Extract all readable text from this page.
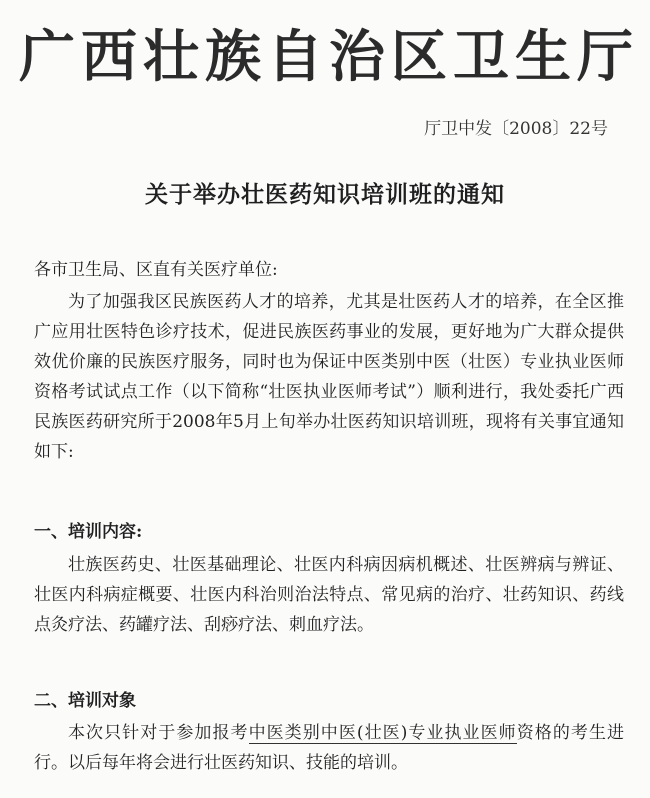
广西壮族自治区卫生厅
厅卫中发〔2008〕22号
关于举办壮医药知识培训班的通知
各市卫生局、区直有关医疗单位:

为了加强我区民族医药人才的培养，尤其是壮医药人才的培养，在全区推广应用壮医特色诊疗技术，促进民族医药事业的发展，更好地为广大群众提供效优价廉的民族医疗服务，同时也为保证中医类别中医（壮医）专业执业医师资格考试试点工作（以下简称“壮医执业医师考试”）顺利进行，我处委托广西民族医药研究所于2008年5月上旬举办壮医药知识培训班，现将有关事宜通知如下:

一、培训内容:

壮族医药史、壮医基础理论、壮医内科病因病机概述、壮医辨病与辨证、壮医内科病症概要、壮医内科治则治法特点、常见病的治疗、壮药知识、药线点灸疗法、药罐疗法、刮痧疗法、刺血疗法。

二、培训对象

本次只针对于参加报考中医类别中医(壮医)专业执业医师资格的考生进行。以后每年将会进行壮医药知识、技能的培训。
